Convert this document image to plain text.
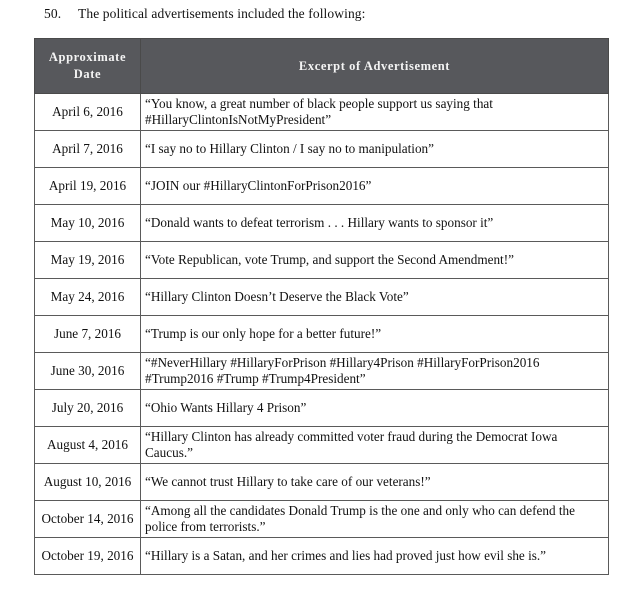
50. The political advertisements included the following:
Approximate Date	Excerpt of Advertisement
April 6, 2016	“You know, a great number of black people support us saying that #HillaryClintonIsNotMyPresident”
April 7, 2016	“I say no to Hillary Clinton / I say no to manipulation”
April 19, 2016	“JOIN our #HillaryClintonForPrison2016”
May 10, 2016	“Donald wants to defeat terrorism . . . Hillary wants to sponsor it”
May 19, 2016	“Vote Republican, vote Trump, and support the Second Amendment!”
May 24, 2016	“Hillary Clinton Doesn’t Deserve the Black Vote”
June 7, 2016	“Trump is our only hope for a better future!”
June 30, 2016	“#NeverHillary #HillaryForPrison #Hillary4Prison #HillaryForPrison2016 #Trump2016 #Trump #Trump4President”
July 20, 2016	“Ohio Wants Hillary 4 Prison”
August 4, 2016	“Hillary Clinton has already committed voter fraud during the Democrat Iowa Caucus.”
August 10, 2016	“We cannot trust Hillary to take care of our veterans!”
October 14, 2016	“Among all the candidates Donald Trump is the one and only who can defend the police from terrorists.”
October 19, 2016	“Hillary is a Satan, and her crimes and lies had proved just how evil she is.”
